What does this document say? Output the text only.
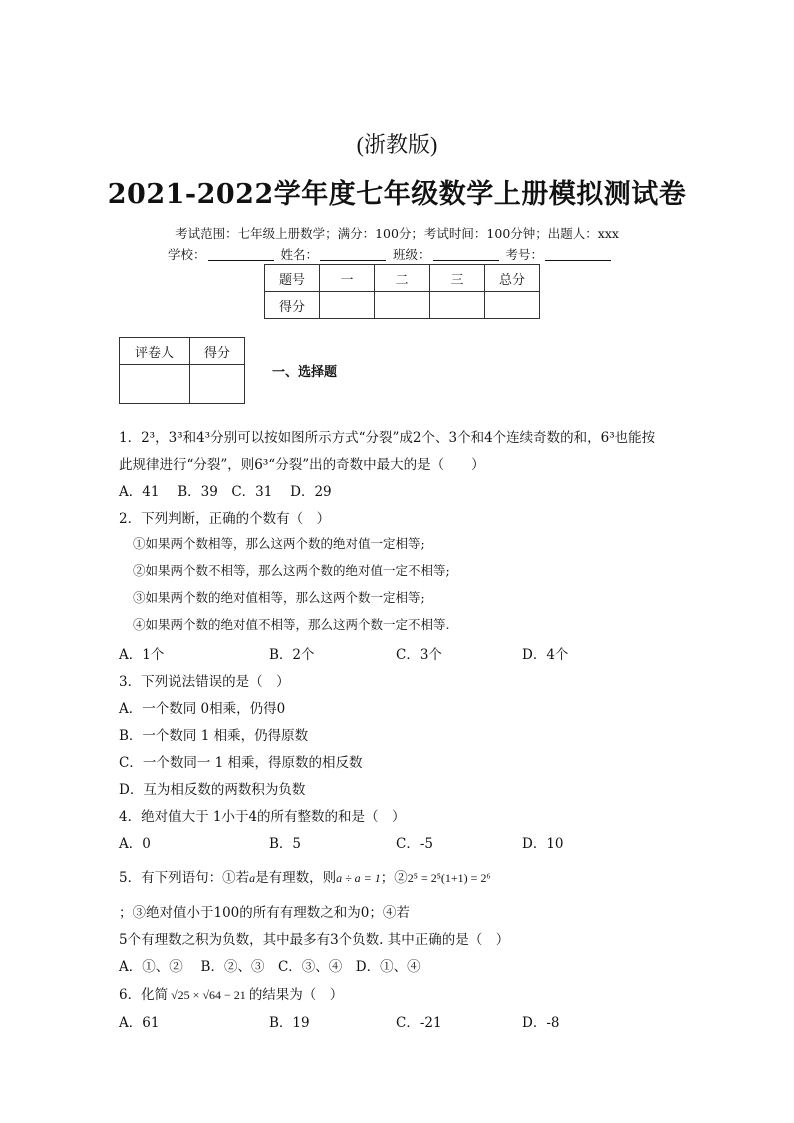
(浙教版)
2021-2022学年度七年级数学上册模拟测试卷
考试范围：七年级上册数学；满分：100分；考试时间：100分钟；出题人：xxx
学校：	姓名：	班级：	考号：
题号	一	二	三	总分
得分				
评卷人	得分

一、选择题
1．2³，3³和4³分别可以按如图所示方式“分裂”成2个、3个和4个连续奇数的和，6³也能按
此规律进行“分裂”，则6³“分裂”出的奇数中最大的是（　　）
A．41　 B．39　C．31　 D．29
2．下列判断，正确的个数有（　）
①如果两个数相等，那么这两个数的绝对值一定相等;
②如果两个数不相等，那么这两个数的绝对值一定不相等;
③如果两个数的绝对值相等，那么这两个数一定相等;
④如果两个数的绝对值不相等，那么这两个数一定不相等.
A．1个	B．2个	C．3个	D．4个
3．下列说法错误的是（　）
A．一个数同 0相乘，仍得0
B．一个数同 1 相乘，仍得原数
C．一个数同一 1 相乘，得原数的相反数
D．互为相反数的两数积为负数
4．绝对值大于 1小于4的所有整数的和是（　）
A．0	B．5	C．-5	D．10
5．有下列语句：①若a是有理数，则a ÷ a = 1；②2⁵ = 2⁵(1+1) = 2⁶
；③绝对值小于100的所有有理数之和为0；④若
5个有理数之积为负数，其中最多有3个负数. 其中正确的是（　）
A．①、②　 B．②、③　C．③、④　D．①、④
6．化简 √25 × √64 − 21 的结果为（　）
A．61	B．19	C．-21	D．-8
